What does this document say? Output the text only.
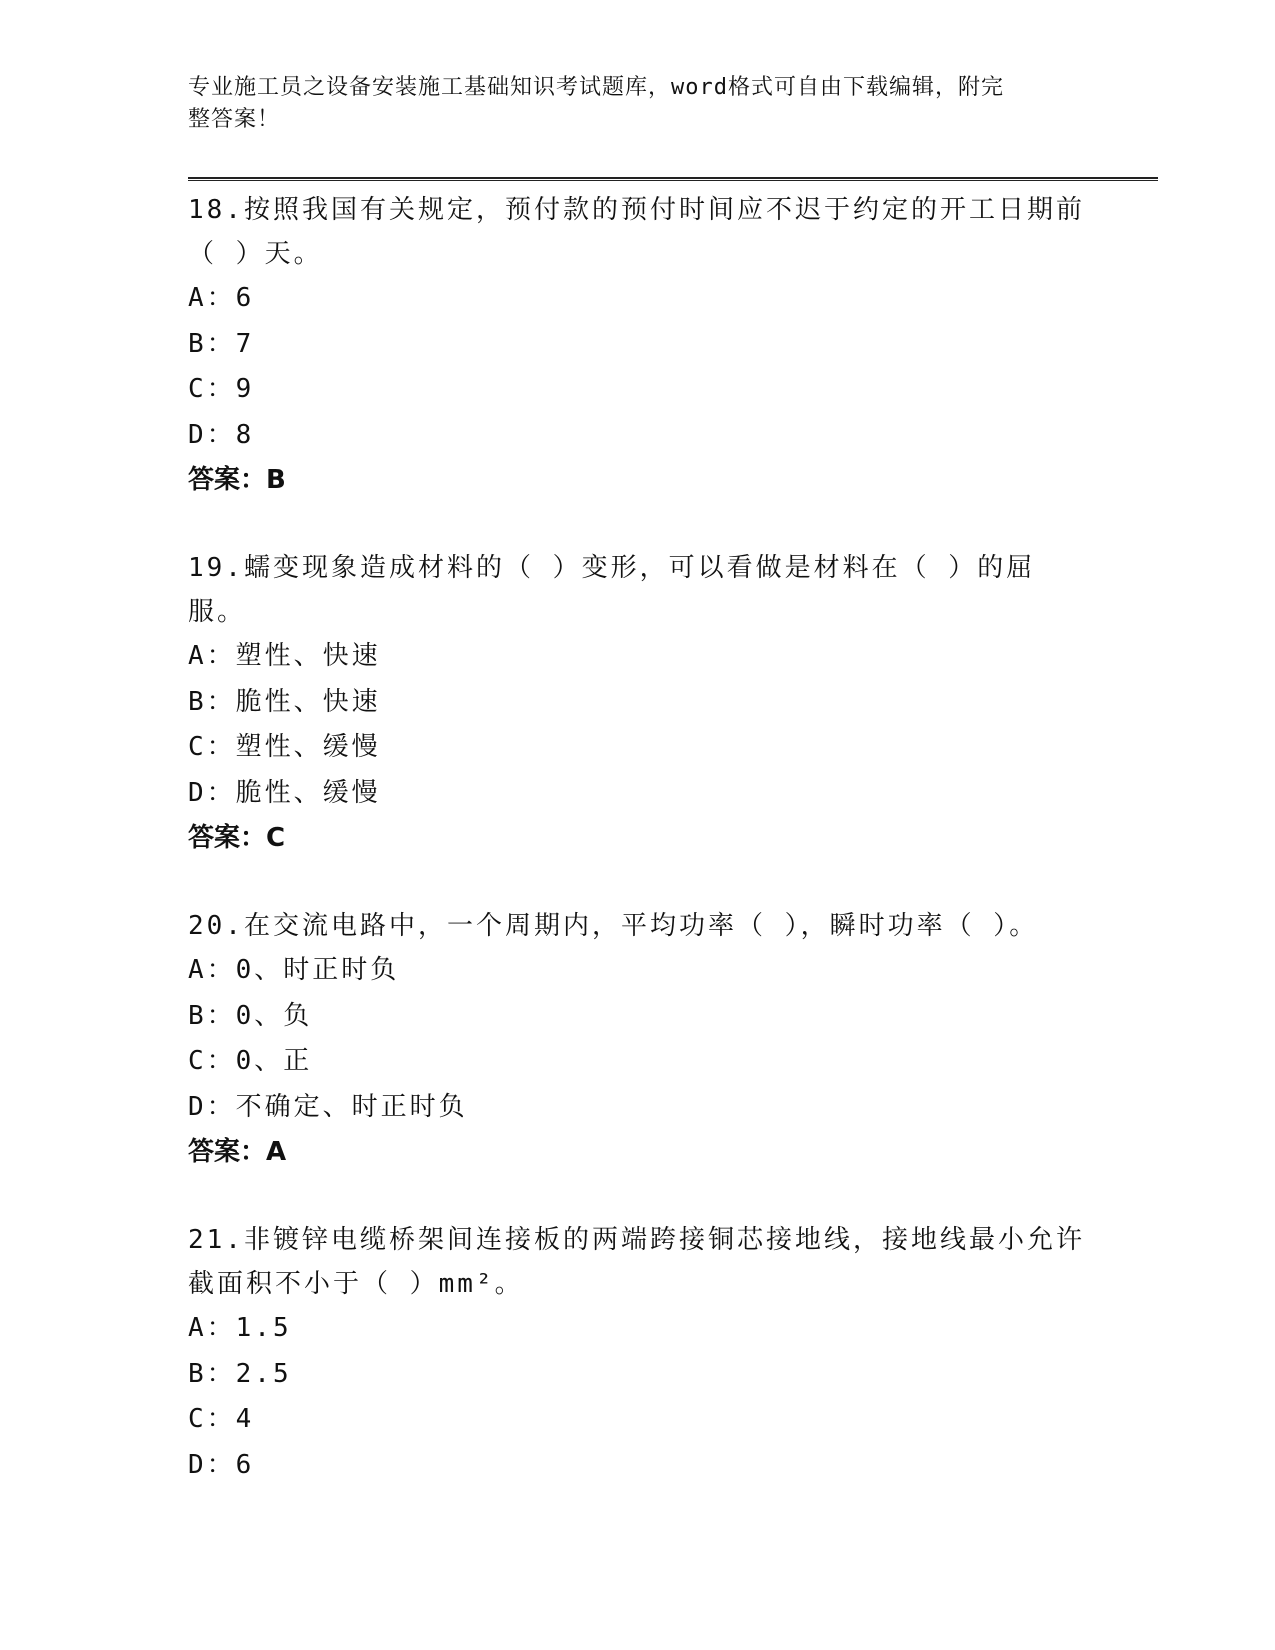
专业施工员之设备安装施工基础知识考试题库，word格式可自由下载编辑，附完
整答案！

18.按照我国有关规定，预付款的预付时间应不迟于约定的开工日期前

（ ）天。

A：6

B：7

C：9

D：8

答案：B

19.蠕变现象造成材料的（ ）变形，可以看做是材料在（ ）的屈服。

A：塑性、快速

B：脆性、快速

C：塑性、缓慢

D：脆性、缓慢

答案：C

20.在交流电路中，一个周期内，平均功率（ ），瞬时功率（ ）。

A：0、时正时负

B：0、负

C：0、正

D：不确定、时正时负

答案：A

21.非镀锌电缆桥架间连接板的两端跨接铜芯接地线，接地线最小允许

截面积不小于（ ）mm²。

A：1.5

B：2.5

C：4

D：6
